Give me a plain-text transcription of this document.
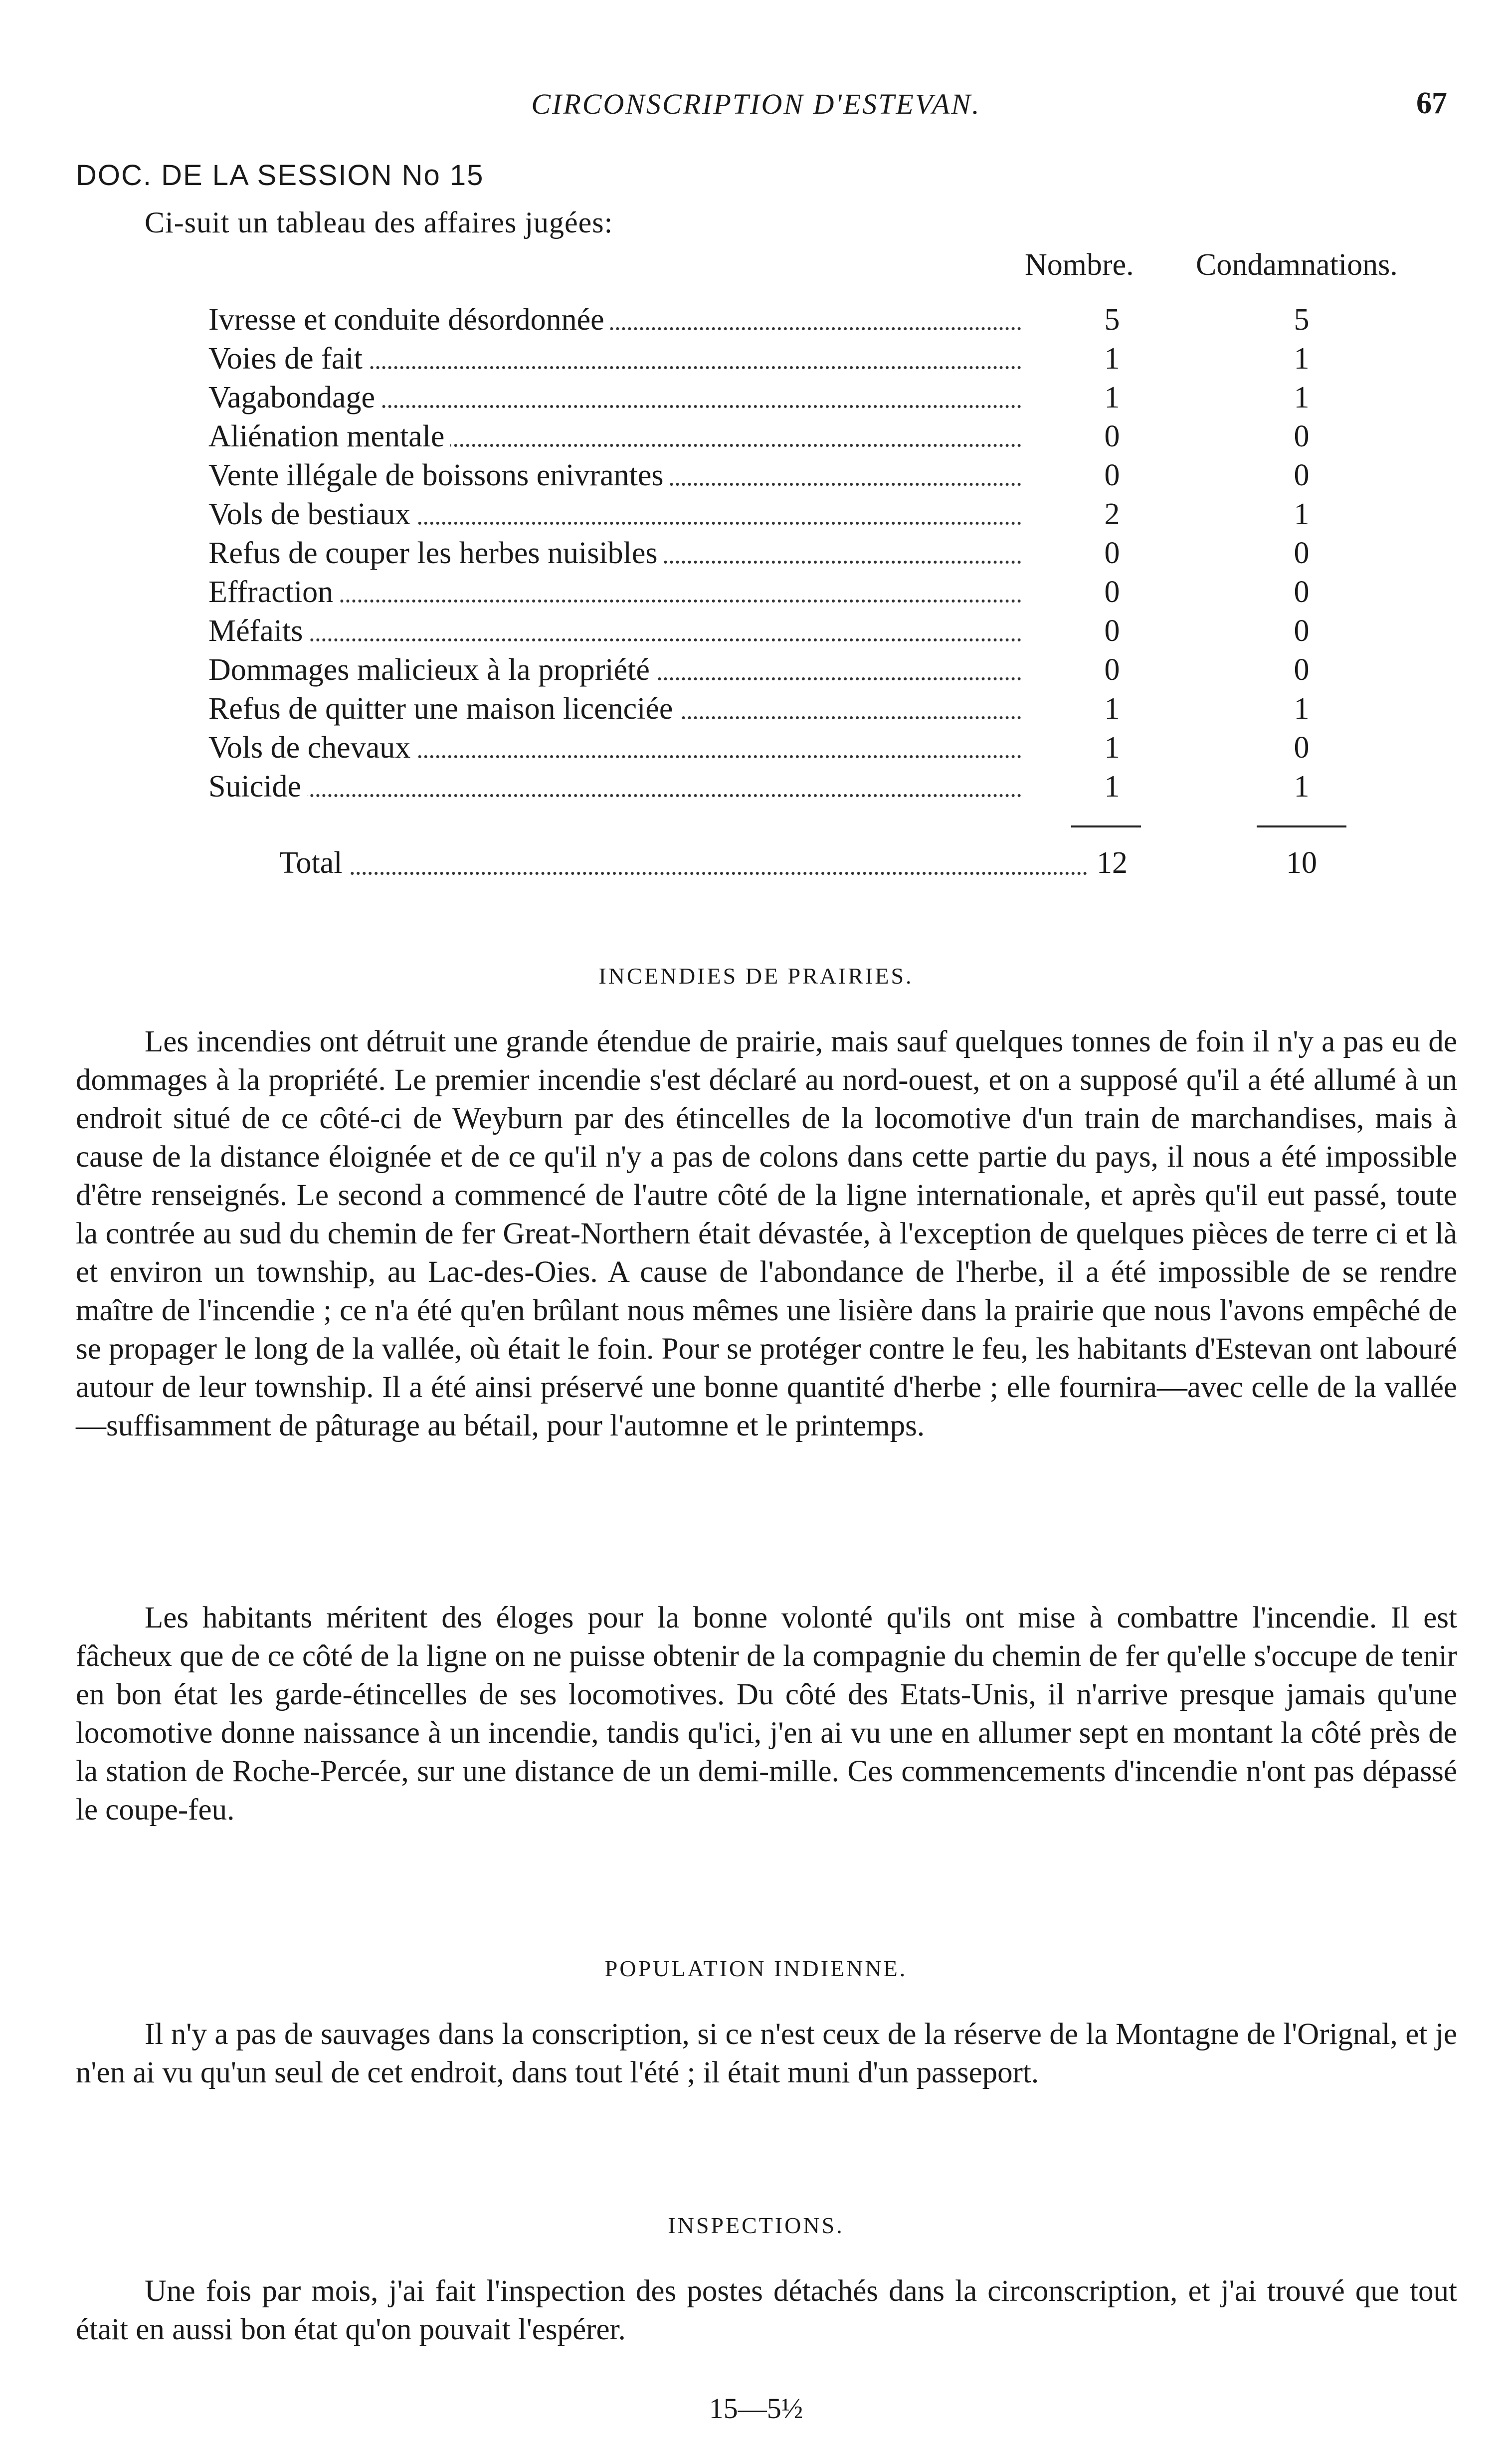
CIRCONSCRIPTION D'ESTEVAN.	67
DOC. DE LA SESSION No 15
Ci-suit un tableau des affaires jugées:
Nombre. Condamnations.
Ivresse et conduite désordonnée	5	5
Voies de fait	1	1
Vagabondage	1	1
Aliénation mentale	0	0
Vente illégale de boissons enivrantes	0	0
Vols de bestiaux	2	1
Refus de couper les herbes nuisibles	0	0
Effraction	0	0
Méfaits	0	0
Dommages malicieux à la propriété	0	0
Refus de quitter une maison licenciée	1	1
Vols de chevaux	1	0
Suicide	1	1
Total	12	10
INCENDIES DE PRAIRIES.

Les incendies ont détruit une grande étendue de prairie, mais sauf quelques tonnes de foin il n'y a pas eu de dommages à la propriété. Le premier incendie s'est déclaré au nord-ouest, et on a supposé qu'il a été allumé à un endroit situé de ce côté-ci de Weyburn par des étincelles de la locomotive d'un train de marchandises, mais à cause de la distance éloignée et de ce qu'il n'y a pas de colons dans cette partie du pays, il nous a été impossible d'être renseignés. Le second a commencé de l'autre côté de la ligne internationale, et après qu'il eut passé, toute la contrée au sud du chemin de fer Great-Northern était dévastée, à l'exception de quelques pièces de terre ci et là et environ un township, au Lac-des-Oies. A cause de l'abondance de l'herbe, il a été impossible de se rendre maître de l'incendie ; ce n'a été qu'en brûlant nous mêmes une lisière dans la prairie que nous l'avons empêché de se propager le long de la vallée, où était le foin. Pour se protéger contre le feu, les habitants d'Estevan ont labouré autour de leur township. Il a été ainsi préservé une bonne quantité d'herbe ; elle fournira—avec celle de la vallée—suffisamment de pâturage au bétail, pour l'automne et le printemps.

Les habitants méritent des éloges pour la bonne volonté qu'ils ont mise à combattre l'incendie. Il est fâcheux que de ce côté de la ligne on ne puisse obtenir de la compagnie du chemin de fer qu'elle s'occupe de tenir en bon état les garde-étincelles de ses locomotives. Du côté des Etats-Unis, il n'arrive presque jamais qu'une locomotive donne naissance à un incendie, tandis qu'ici, j'en ai vu une en allumer sept en montant la côté près de la station de Roche-Percée, sur une distance de un demi-mille. Ces commencements d'incendie n'ont pas dépassé le coupe-feu.

POPULATION INDIENNE.

Il n'y a pas de sauvages dans la conscription, si ce n'est ceux de la réserve de la Montagne de l'Orignal, et je n'en ai vu qu'un seul de cet endroit, dans tout l'été ; il était muni d'un passeport.

INSPECTIONS.

Une fois par mois, j'ai fait l'inspection des postes détachés dans la circonscription, et j'ai trouvé que tout était en aussi bon état qu'on pouvait l'espérer.

15—5½
